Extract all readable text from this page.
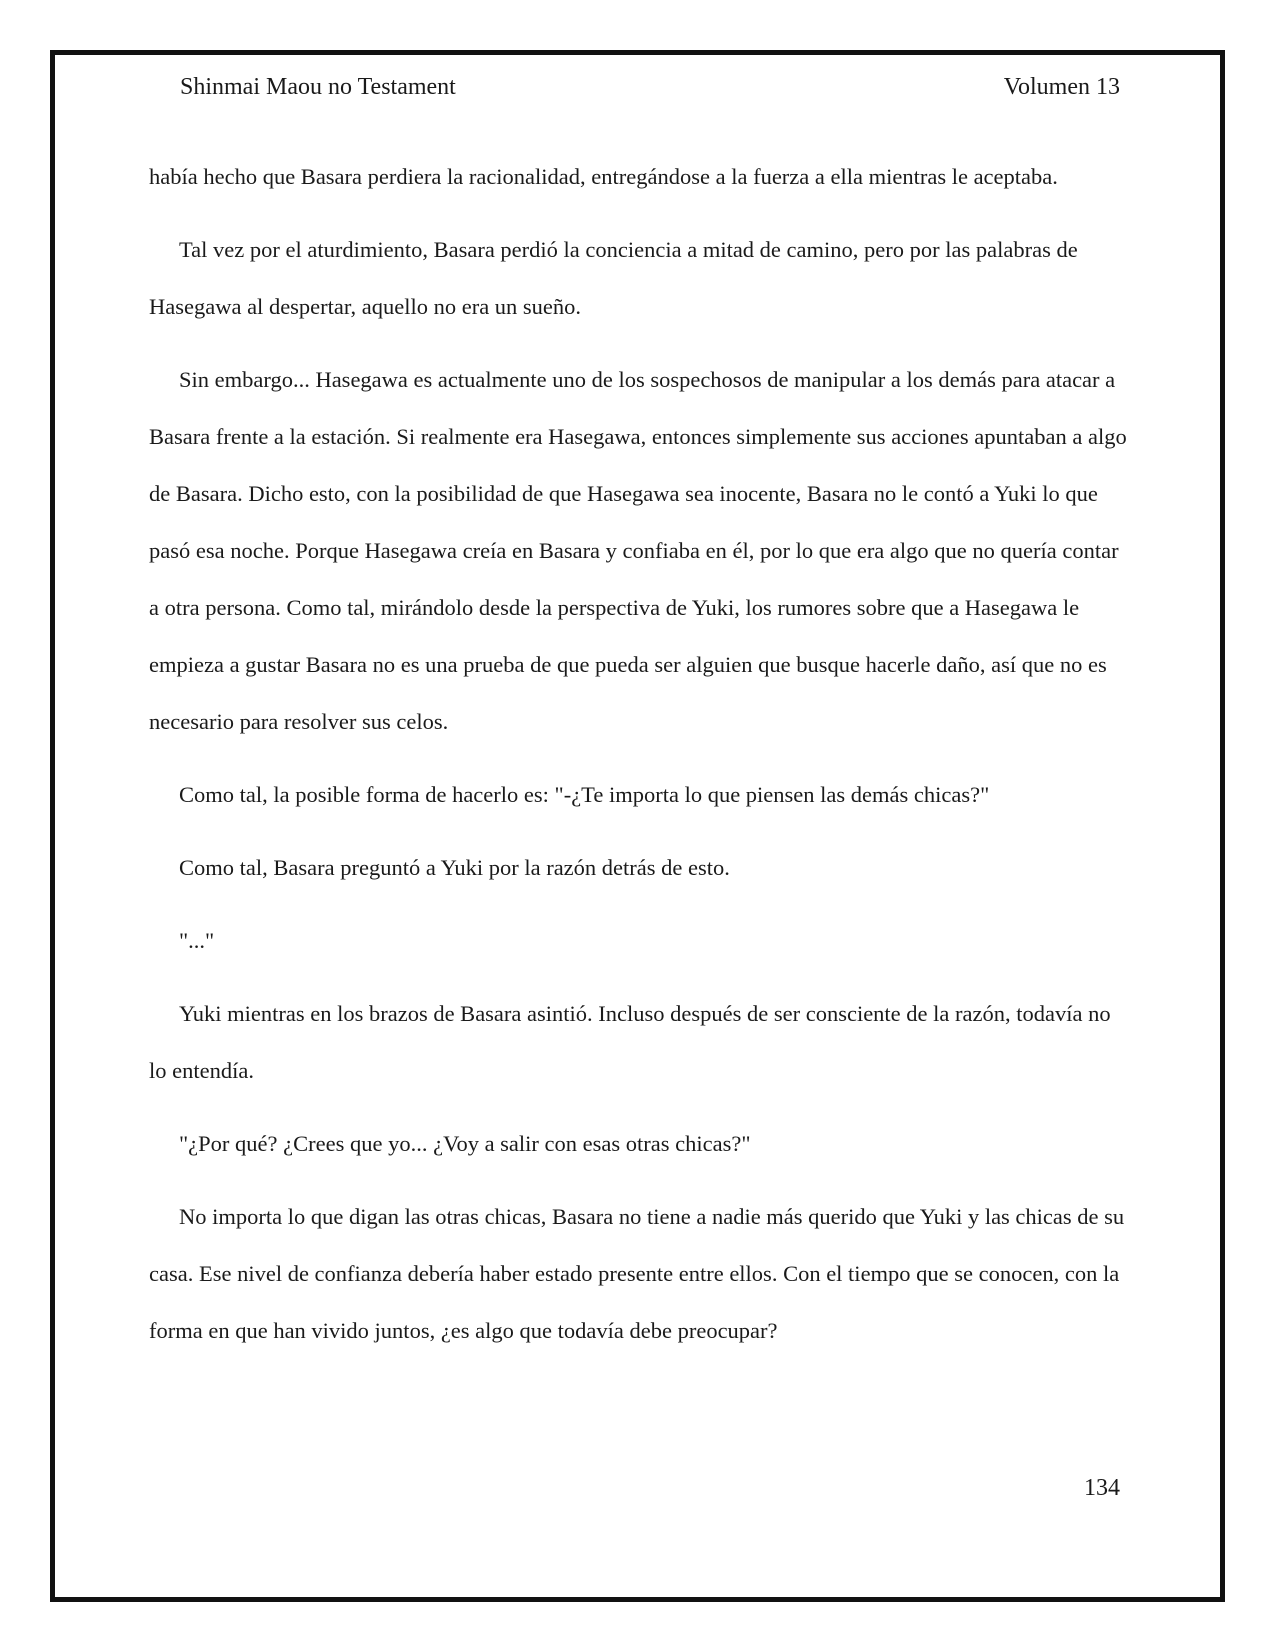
Shinmai Maou no Testament	Volumen 13

había hecho que Basara perdiera la racionalidad, entregándose a la fuerza a ella mientras le aceptaba.

Tal vez por el aturdimiento, Basara perdió la conciencia a mitad de camino, pero por las palabras de Hasegawa al despertar, aquello no era un sueño.

Sin embargo... Hasegawa es actualmente uno de los sospechosos de manipular a los demás para atacar a Basara frente a la estación. Si realmente era Hasegawa, entonces simplemente sus acciones apuntaban a algo de Basara. Dicho esto, con la posibilidad de que Hasegawa sea inocente, Basara no le contó a Yuki lo que pasó esa noche. Porque Hasegawa creía en Basara y confiaba en él, por lo que era algo que no quería contar a otra persona. Como tal, mirándolo desde la perspectiva de Yuki, los rumores sobre que a Hasegawa le empieza a gustar Basara no es una prueba de que pueda ser alguien que busque hacerle daño, así que no es necesario para resolver sus celos.

Como tal, la posible forma de hacerlo es: "-¿Te importa lo que piensen las demás chicas?"

Como tal, Basara preguntó a Yuki por la razón detrás de esto.

"..."

Yuki mientras en los brazos de Basara asintió. Incluso después de ser consciente de la razón, todavía no lo entendía.

"¿Por qué? ¿Crees que yo... ¿Voy a salir con esas otras chicas?"

No importa lo que digan las otras chicas, Basara no tiene a nadie más querido que Yuki y las chicas de su casa. Ese nivel de confianza debería haber estado presente entre ellos. Con el tiempo que se conocen, con la forma en que han vivido juntos, ¿es algo que todavía debe preocupar?

134
